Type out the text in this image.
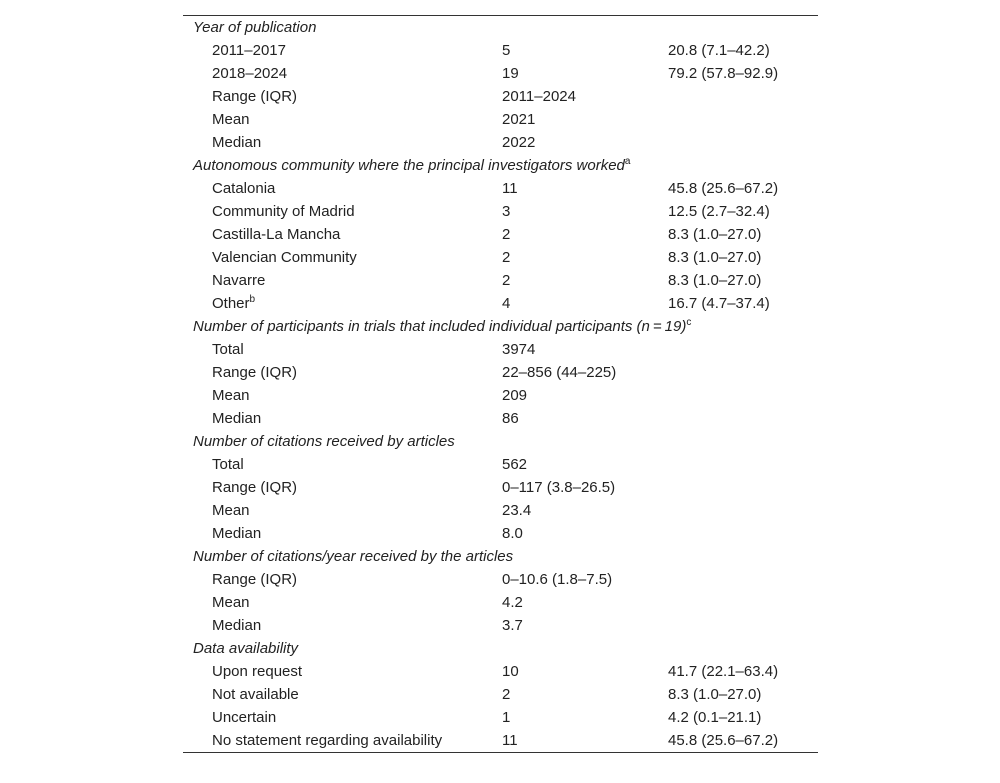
Year of publication
2011–2017	5	20.8 (7.1–42.2)
2018–2024	19	79.2 (57.8–92.9)
Range (IQR)	2011–2024
Mean	2021
Median	2022
Autonomous community where the principal investigators worked$^a$
Catalonia	11	45.8 (25.6–67.2)
Community of Madrid	3	12.5 (2.7–32.4)
Castilla-La Mancha	2	8.3 (1.0–27.0)
Valencian Community	2	8.3 (1.0–27.0)
Navarre	2	8.3 (1.0–27.0)
Other$^b$	4	16.7 (4.7–37.4)
Number of participants in trials that included individual participants (n = 19)$^c$
Total	3974
Range (IQR)	22–856 (44–225)
Mean	209
Median	86
Number of citations received by articles
Total	562
Range (IQR)	0–117 (3.8–26.5)
Mean	23.4
Median	8.0
Number of citations/year received by the articles
Range (IQR)	0–10.6 (1.8–7.5)
Mean	4.2
Median	3.7
Data availability
Upon request	10	41.7 (22.1–63.4)
Not available	2	8.3 (1.0–27.0)
Uncertain	1	4.2 (0.1–21.1)
No statement regarding availability	11	45.8 (25.6–67.2)
